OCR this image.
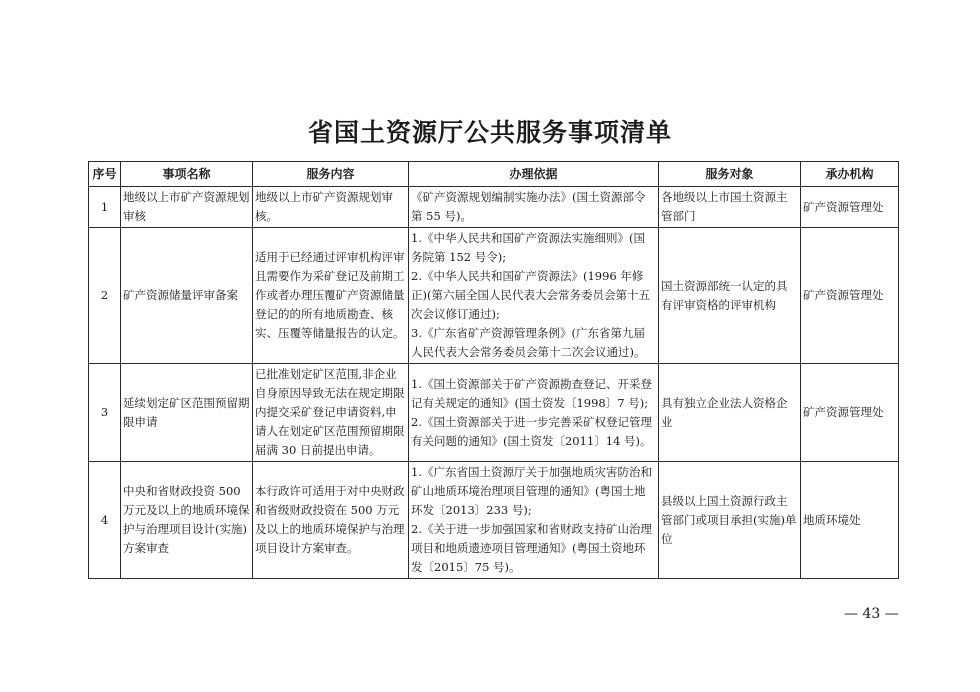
省国土资源厅公共服务事项清单
序号	事项名称	服务内容	办理依据	服务对象	承办机构
1	地级以上市矿产资源规划审核	地级以上市矿产资源规划审核。	《矿产资源规划编制实施办法》(国土资源部令第 55 号)。	各地级以上市国土资源主管部门	矿产资源管理处
2	矿产资源储量评审备案	适用于已经通过评审机构评审且需要作为采矿登记及前期工作或者办理压覆矿产资源储量登记的的所有地质勘查、核实、压覆等储量报告的认定。	1.《中华人民共和国矿产资源法实施细则》(国务院第 152 号令);
2.《中华人民共和国矿产资源法》(1996 年修正)(第六届全国人民代表大会常务委员会第十五次会议修订通过);
3.《广东省矿产资源管理条例》(广东省第九届人民代表大会常务委员会第十二次会议通过)。	国土资源部统一认定的具有评审资格的评审机构	矿产资源管理处
3	延续划定矿区范围预留期限申请	已批准划定矿区范围,非企业自身原因导致无法在规定期限内提交采矿登记申请资料,申请人在划定矿区范围预留期限届满 30 日前提出申请。	1.《国土资源部关于矿产资源勘查登记、开采登记有关规定的通知》(国土资发〔1998〕7 号);
2.《国土资源部关于进一步完善采矿权登记管理有关问题的通知》(国土资发〔2011〕14 号)。	具有独立企业法人资格企业	矿产资源管理处
4	中央和省财政投资 500 万元及以上的地质环境保护与治理项目设计(实施)方案审查	本行政许可适用于对中央财政和省级财政投资在 500 万元及以上的地质环境保护与治理项目设计方案审查。	1.《广东省国土资源厅关于加强地质灾害防治和矿山地质环境治理项目管理的通知》(粤国土地环发〔2013〕233 号);
2.《关于进一步加强国家和省财政支持矿山治理项目和地质遗迹项目管理通知》(粤国土资地环发〔2015〕75 号)。	县级以上国土资源行政主管部门或项目承担(实施)单位	地质环境处
— 43 —
